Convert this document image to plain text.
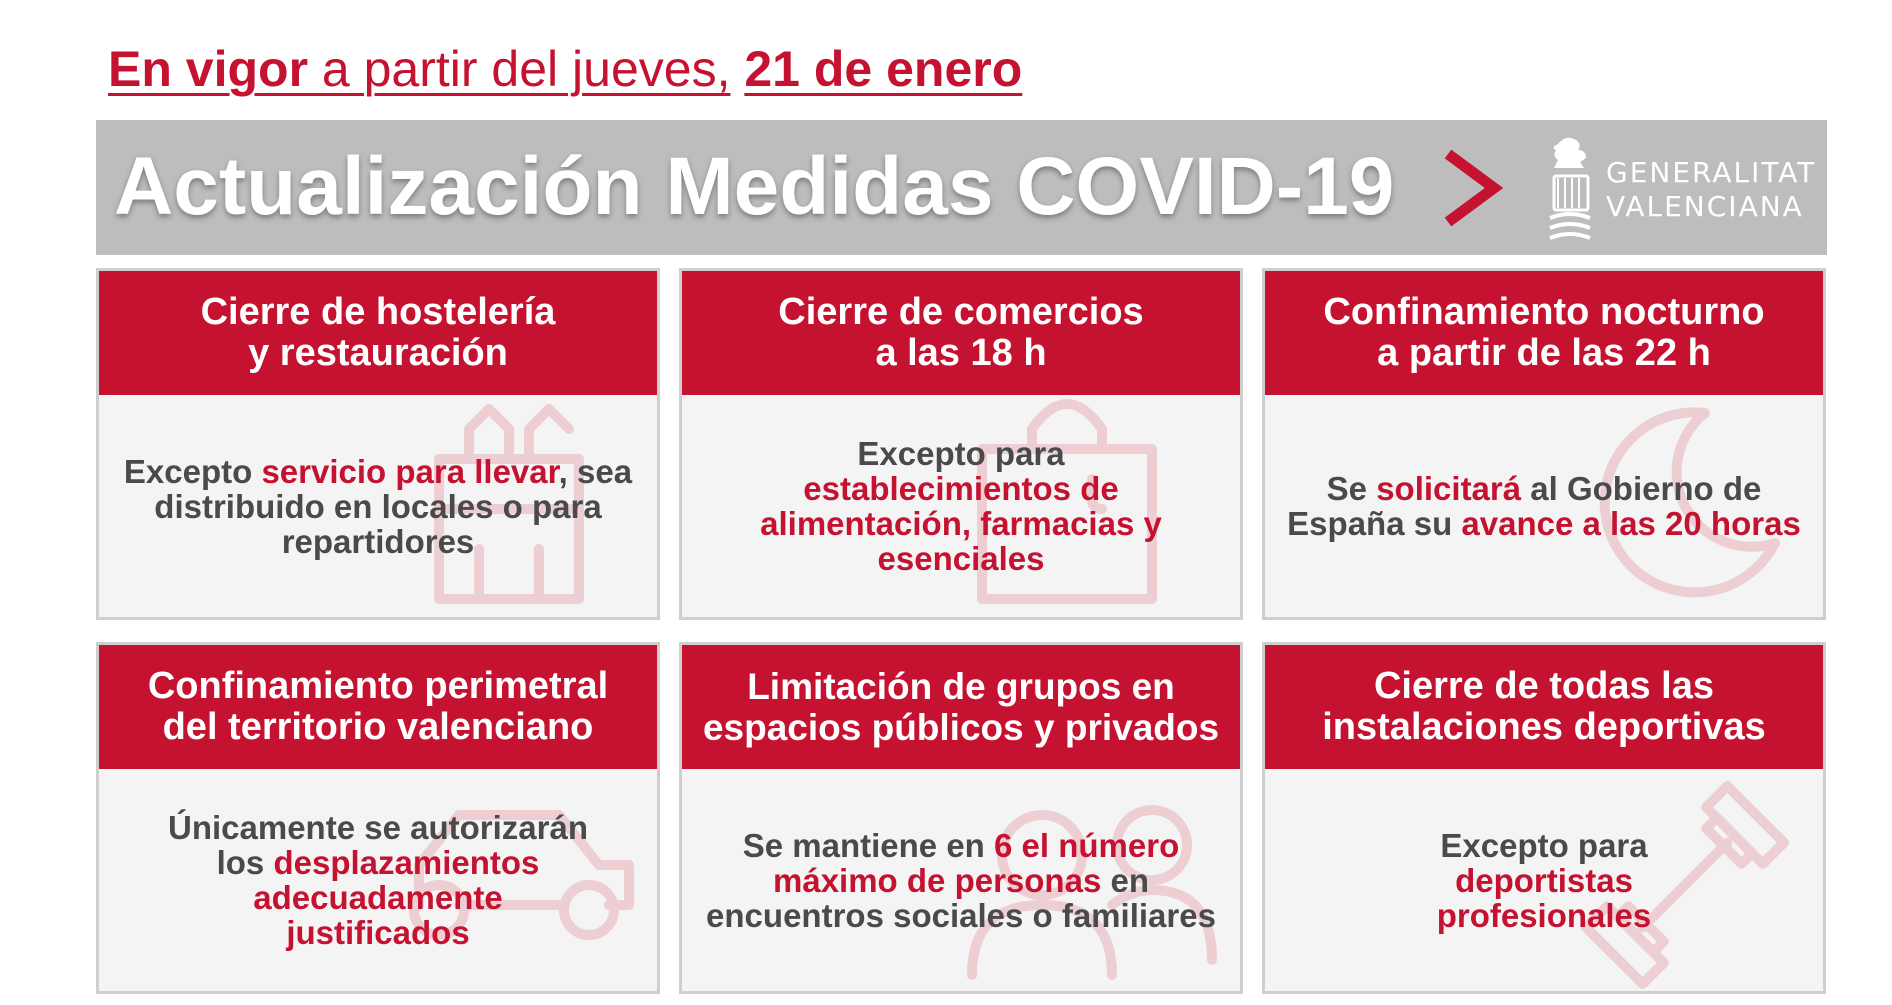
En vigor a partir del jueves, 21 de enero
Actualización Medidas COVID-19	GENERALITAT
VALENCIANA
Cierre de hostelería
y restauración

Excepto servicio para llevar, sea distribuido en locales o para repartidores

Cierre de comercios
a las 18 h

Excepto para
establecimientos de alimentación, farmacias y esenciales

Confinamiento nocturno
a partir de las 22 h

Se solicitará al Gobierno de España su avance a las 20 horas

Confinamiento perimetral
del territorio valenciano

Únicamente se autorizarán los desplazamientos adecuadamente justificados

Limitación de grupos en
espacios públicos y privados

Se mantiene en 6 el número máximo de personas en encuentros sociales o familiares

Cierre de todas las
instalaciones deportivas

Excepto para deportistas profesionales
